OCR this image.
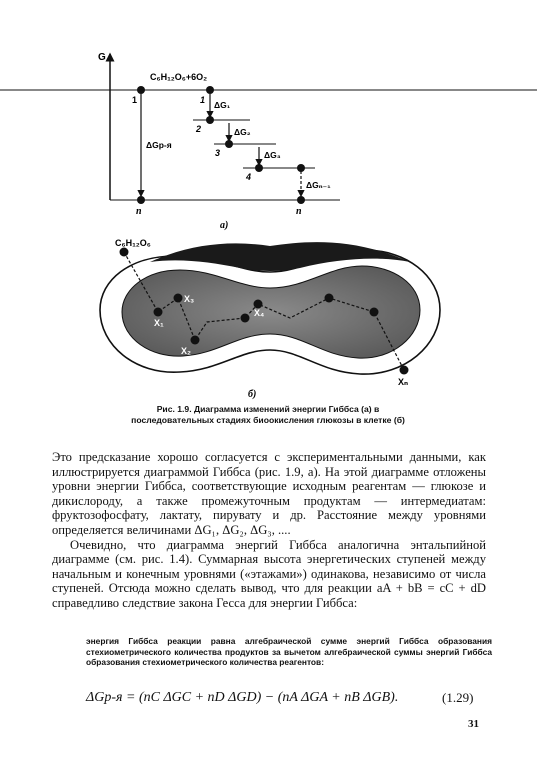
G
C₆H₁₂O₆+6O₂
1	1
ΔGр-я
ΔG₁
2	ΔG₂
3	ΔG₃
4
ΔGₙ₋₁
n	n
а)
C₆H₁₂O₆
X₁
X₂
X₃
X₄
Xₙ
б)
Рис. 1.9. Диаграмма изменений энергии Гиббса (а) в последовательных стадиях биоокисления глюкозы в клетке (б)

Это предсказание хорошо согласуется с экспериментальными данными, как иллюстрируется диаграммой Гиббса (рис. 1.9, а). На этой диаграмме отложены уровни энергии Гиббса, соответствующие исходным реагентам — глюкозе и дикислороду, а также промежуточным продуктам — интермедиатам: фруктозофосфату, лактату, пирувату и др. Расстояние между уровнями определяется величинами ΔG₁, ΔG₂, ΔG₃, ....

Очевидно, что диаграмма энергий Гиббса аналогична энтальпийной диаграмме (см. рис. 1.4). Суммарная высота энергетических ступеней между начальным и конечным уровнями («этажами») одинакова, независимо от числа ступеней. Отсюда можно сделать вывод, что для реакции aA + bB = cC + dD справедливо следствие закона Гесса для энергии Гиббса:

энергия Гиббса реакции равна алгебраической сумме энергий Гиббса образования стехиометрического количества продуктов за вычетом алгебраической суммы энергий Гиббса образования стехиометрического количества реагентов:
ΔGр-я = (nC ΔGC + nD ΔGD) − (nA ΔGA + nB ΔGB).	(1.29)
31
